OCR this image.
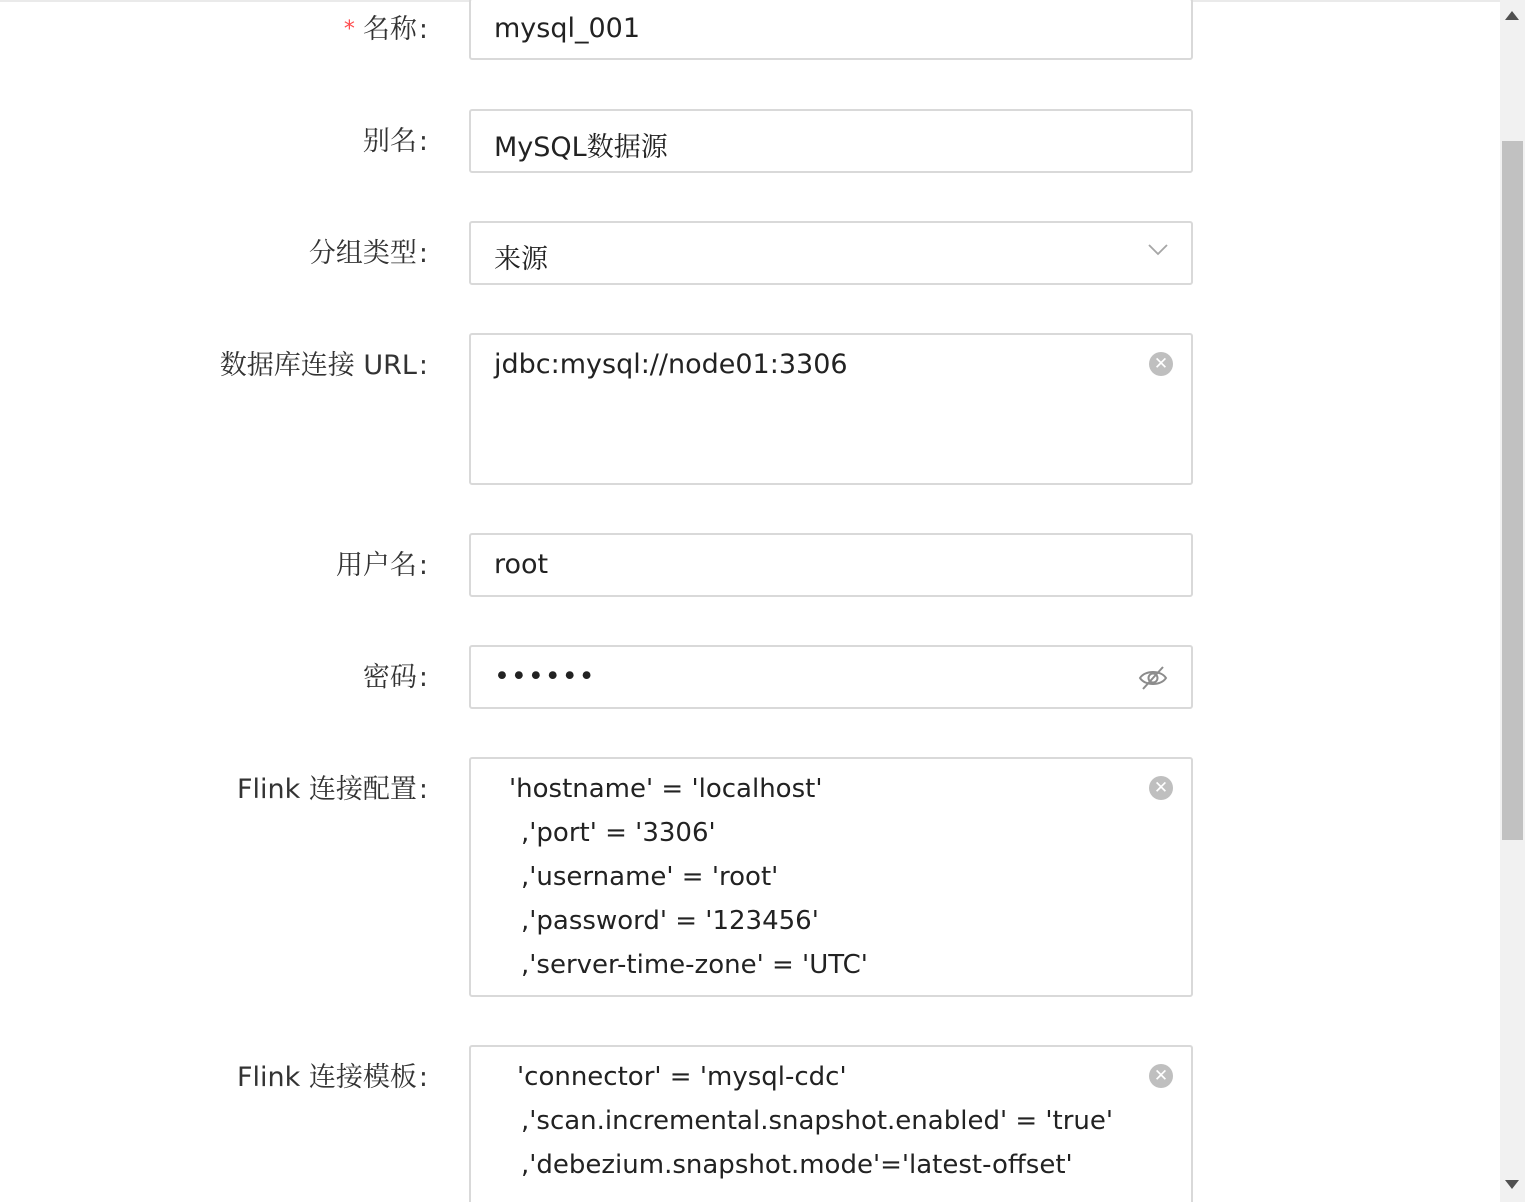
* 名称: mysql_001
别名: MySQL数据源
分组类型: 来源
数据库连接 URL: jdbc:mysql://node01:3306	✕
用户名: root
密码: ••••••
Flink 连接配置:	'hostname' = 'localhost'
,'port' = '3306'
,'username' = 'root'
,'password' = '123456'
,'server-time-zone' = 'UTC'
✕
Flink 连接模板:	'connector' = 'mysql-cdc'
,'scan.incremental.snapshot.enabled' = 'true'
,'debezium.snapshot.mode'='latest-offset'
✕
